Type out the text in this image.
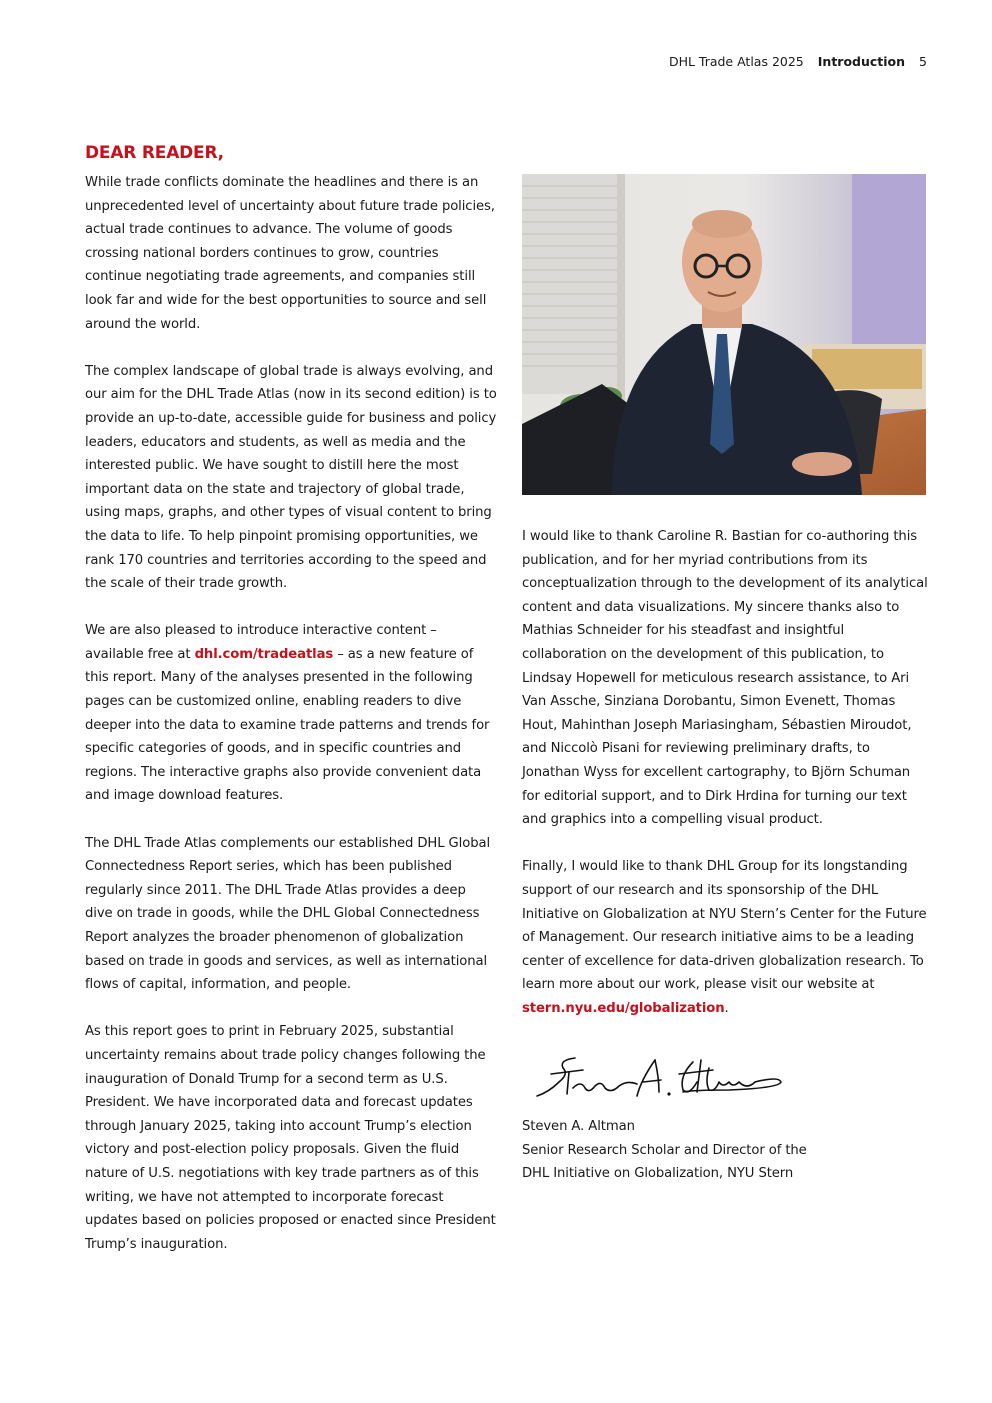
DHL Trade Atlas 2025 Introduction 5
DEAR READER,

While trade conflicts dominate the headlines and there is an unprecedented level of uncertainty about future trade policies, actual trade continues to advance. The volume of goods crossing national borders continues to grow, countries continue negotiating trade agreements, and companies still look far and wide for the best opportunities to source and sell around the world.

The complex landscape of global trade is always evolving, and our aim for the DHL Trade Atlas (now in its second edition) is to provide an up-to-date, accessible guide for business and policy leaders, educators and students, as well as media and the interested public. We have sought to distill here the most important data on the state and trajectory of global trade, using maps, graphs, and other types of visual content to bring the data to life. To help pinpoint promising opportunities, we rank 170 countries and territories according to the speed and the scale of their trade growth.

We are also pleased to introduce interactive content – available free at dhl.com/tradeatlas – as a new feature of this report. Many of the analyses presented in the following pages can be customized online, enabling readers to dive deeper into the data to examine trade patterns and trends for specific categories of goods, and in specific countries and regions. The interactive graphs also provide convenient data and image download features.

The DHL Trade Atlas complements our established DHL Global Connectedness Report series, which has been published regularly since 2011. The DHL Trade Atlas provides a deep dive on trade in goods, while the DHL Global Connectedness Report analyzes the broader phenomenon of globalization based on trade in goods and services, as well as international flows of capital, information, and people.

As this report goes to print in February 2025, substantial uncertainty remains about trade policy changes following the inauguration of Donald Trump for a second term as U.S. President. We have incorporated data and forecast updates through January 2025, taking into account Trump’s election victory and post-election policy proposals. Given the fluid nature of U.S. negotiations with key trade partners as of this writing, we have not attempted to incorporate forecast updates based on policies proposed or enacted since President Trump’s inauguration.

I would like to thank Caroline R. Bastian for co-authoring this publication, and for her myriad contributions from its conceptualization through to the development of its analytical content and data visualizations. My sincere thanks also to Mathias Schneider for his steadfast and insightful collaboration on the development of this publication, to Lindsay Hopewell for meticulous research assistance, to Ari Van Assche, Sinziana Dorobantu, Simon Evenett, Thomas Hout, Mahinthan Joseph Mariasingham, Sébastien Miroudot, and Niccolò Pisani for reviewing preliminary drafts, to Jonathan Wyss for excellent cartography, to Björn Schuman for editorial support, and to Dirk Hrdina for turning our text and graphics into a compelling visual product.

Finally, I would like to thank DHL Group for its longstanding support of our research and its sponsorship of the DHL Initiative on Globalization at NYU Stern’s Center for the Future of Management. Our research initiative aims to be a leading center of excellence for data-driven globalization research. To learn more about our work, please visit our website at stern.nyu.edu/globalization.

Steven A. Altman
Senior Research Scholar and Director of the
DHL Initiative on Globalization, NYU Stern
